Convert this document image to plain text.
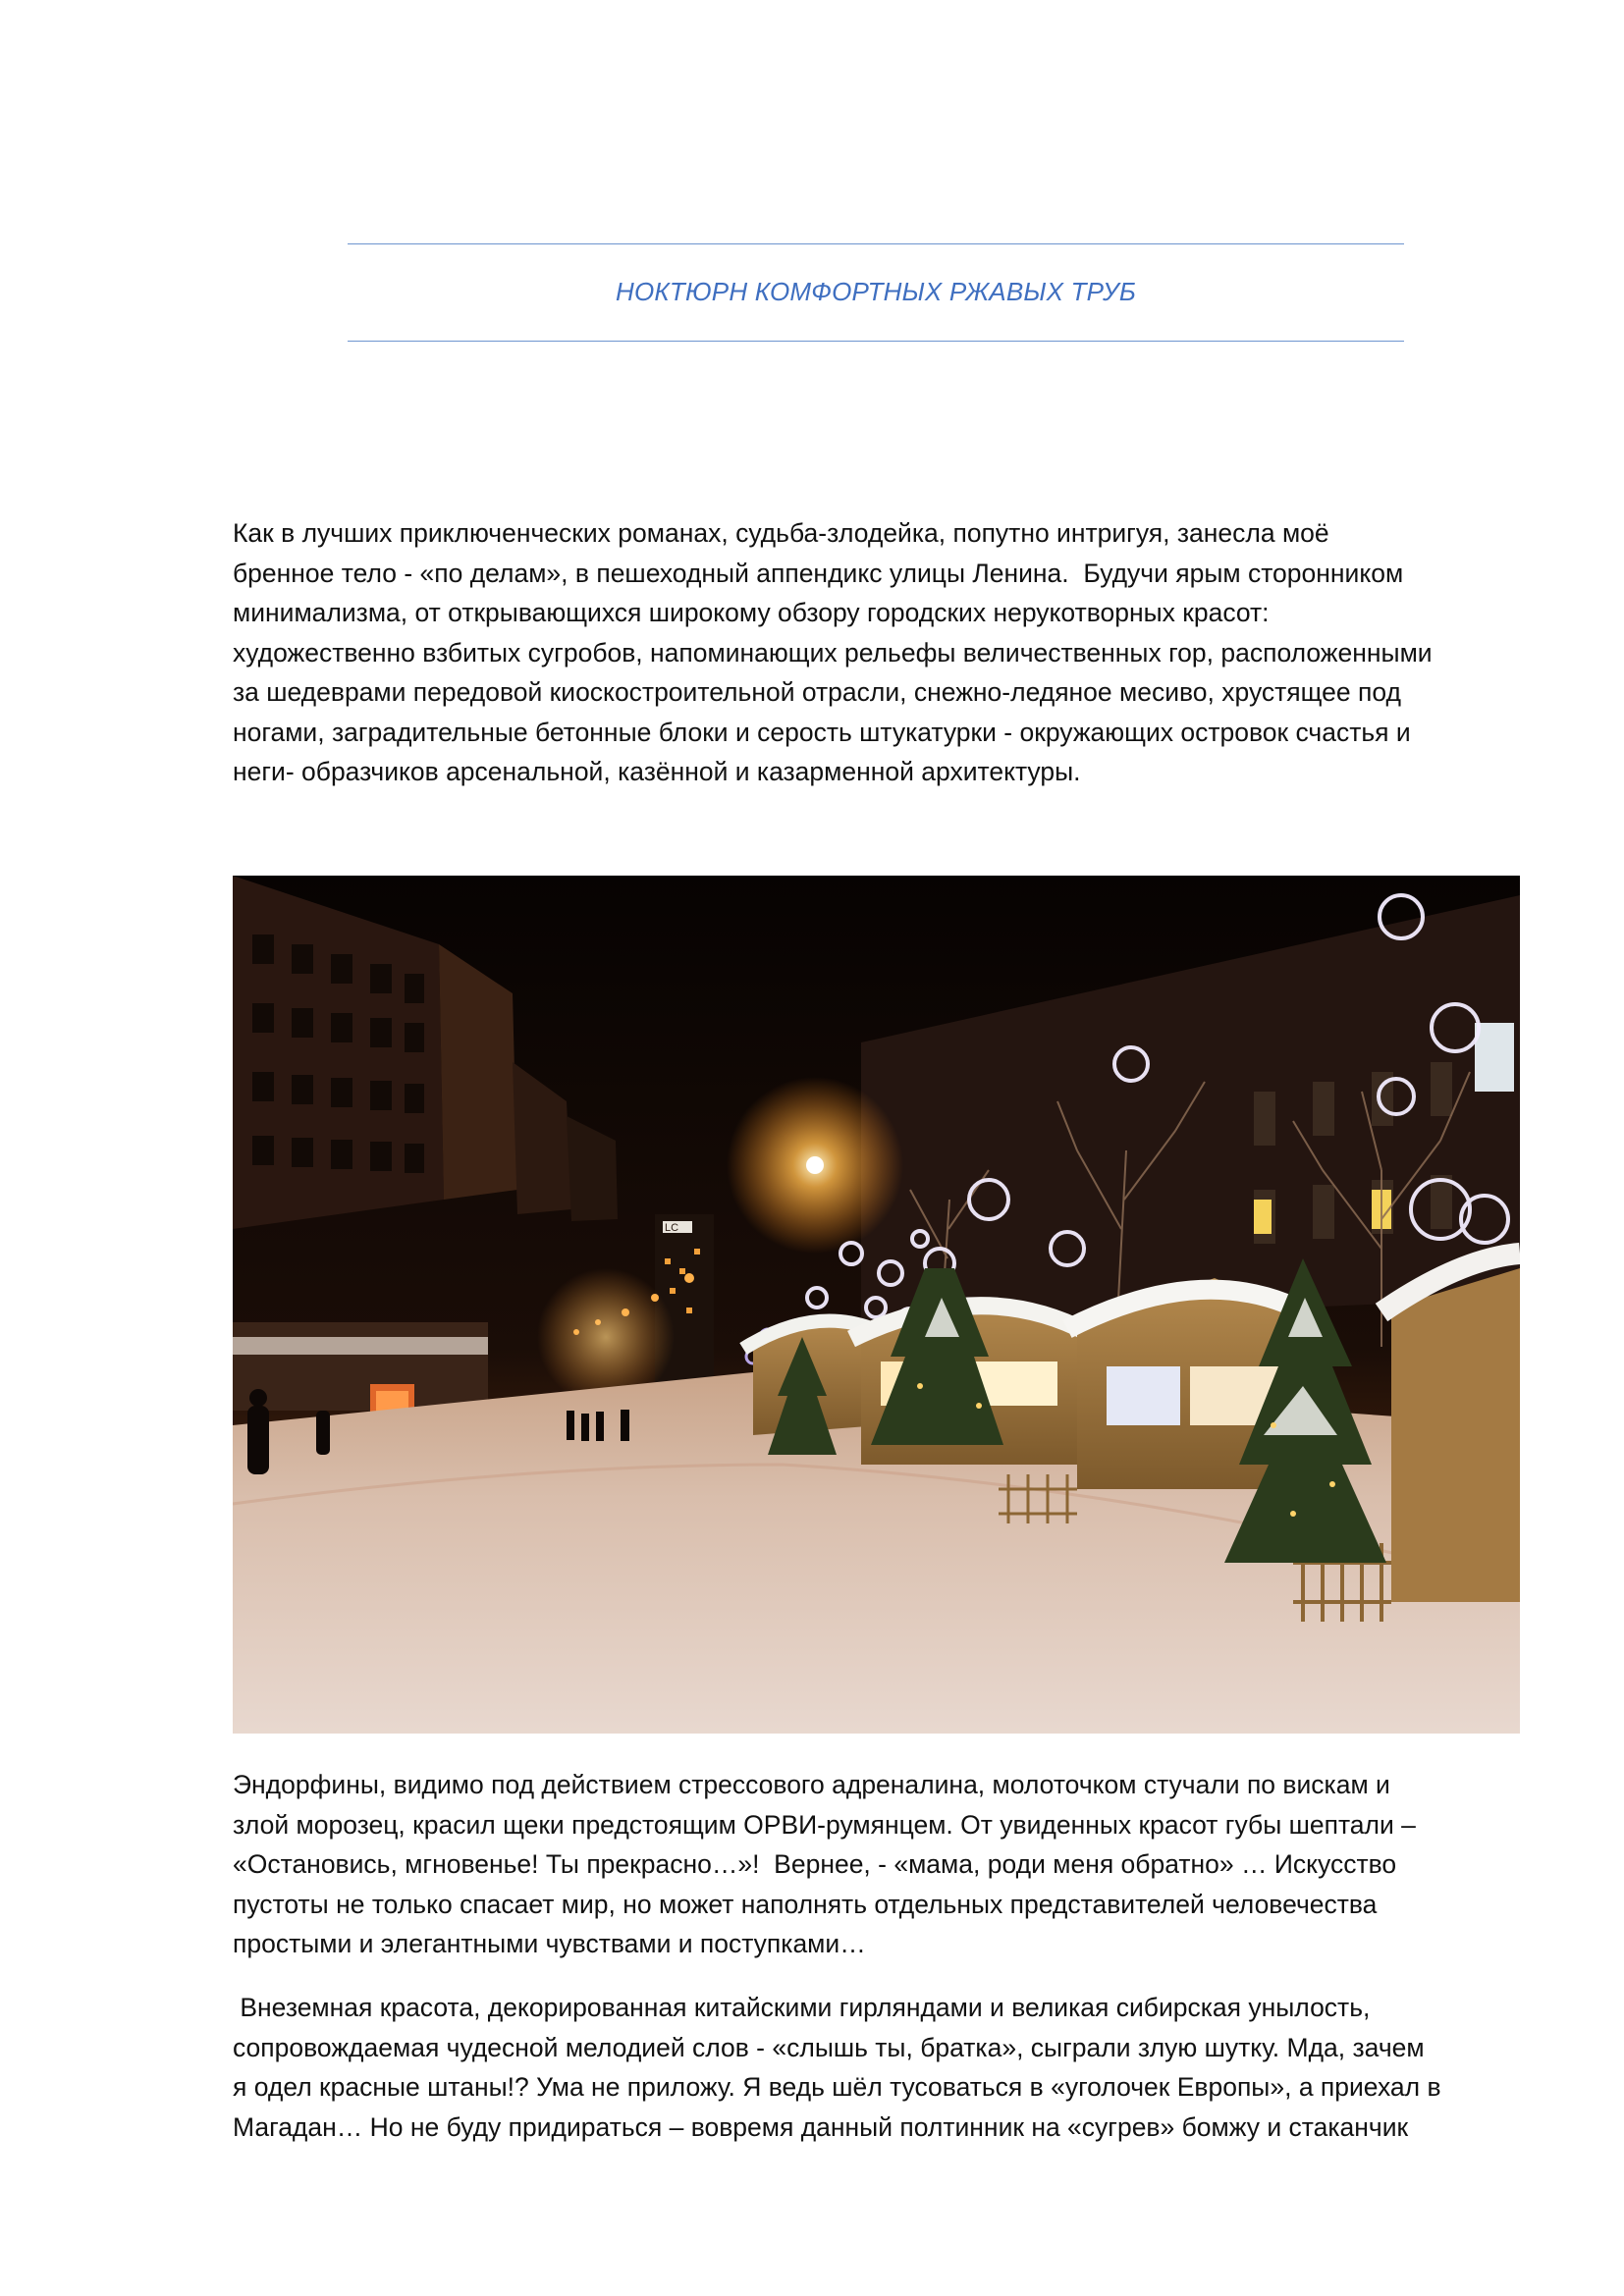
НОКТЮРН КОМФОРТНЫХ РЖАВЫХ ТРУБ

Как в лучших приключенческих романах, судьба-злодейка, попутно интригуя, занесла моё
бренное тело - «по делам», в пешеходный аппендикс улицы Ленина.  Будучи ярым сторонником
минимализма, от открывающихся широкому обзору городских нерукотворных красот:
художественно взбитых сугробов, напоминающих рельефы величественных гор, расположенными
за шедеврами передовой киоскостроительной отрасли, снежно-ледяное месиво, хрустящее под
ногами, заградительные бетонные блоки и серость штукатурки - окружающих островок счастья и
неги- образчиков арсенальной, казённой и казарменной архитектуры.

LC

Эндорфины, видимо под действием стрессового адреналина, молоточком стучали по вискам и
злой морозец, красил щеки предстоящим ОРВИ-румянцем. От увиденных красот губы шептали –
«Остановись, мгновенье! Ты прекрасно…»!  Вернее, - «мама, роди меня обратно» … Искусство
пустоты не только спасает мир, но может наполнять отдельных представителей человечества
простыми и элегантными чувствами и поступками…

Внеземная красота, декорированная китайскими гирляндами и великая сибирская унылость,
сопровождаемая чудесной мелодией слов - «слышь ты, братка», сыграли злую шутку. Мда, зачем
я одел красные штаны!? Ума не приложу. Я ведь шёл тусоваться в «уголочек Европы», а приехал в
Магадан… Но не буду придираться – вовремя данный полтинник на «сугрев» бомжу и стаканчик
